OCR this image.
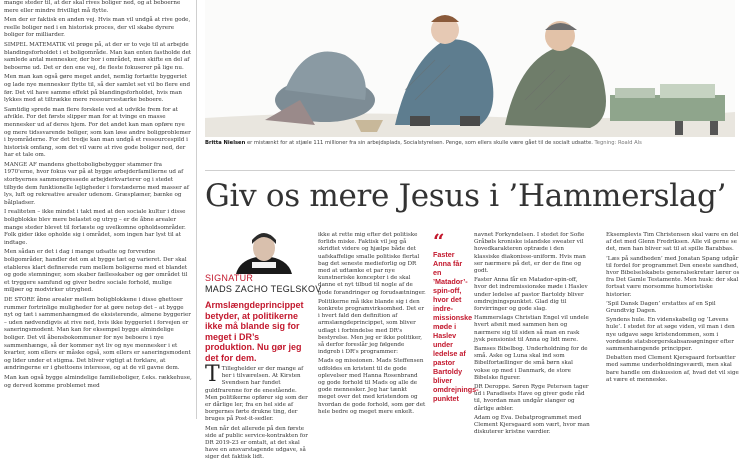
mange steder til, at der skal rives boliger ned, og at beboerne mere eller mindre frivilligt må flytte.

Men der er faktisk en anden vej. Hvis man vil undgå at rive gode, reelle boliger ned i en historisk proces, der vil skabe dyrere boliger for milliarder.

SIMPEL MATEMATIK vil prøge på, at der er to veje til at arbejde blandingsforholdet i et boligområde. Man kan enten fastholde det samlede antal mennesker, der bor i området, men skifte en del af beboerne ud. Det er den ene vej, de fleste fokuserer på lige nu.

Men man kan også gøre meget andet, nemlig fortætte byggeriet og lade nye mennesker flytte til, så der samlet set vil bo flere end før. Det vil have samme effekt på blandingsforholdet, hvis man lykkes med at tiltrække mere ressourcestærke beboere.

Samtidig sprede man flere forskele ved at udvikle frem for at afvikle. For det første slipper man for at tvinge en masse mennesker ud af deres hjem. For det andet kan man opføre nye og mere tidssvarende boliger, som kan løse andre boligproblemer i byområderne. For det tredje kan man undgå et ressourcespild i historisk omfang, som det vil være at rive gode boliger ned, der har et tale om.

MANGE AF mandens ghettoboligbebygger stammer fra 1970'erne, hvor fokus var på at bygge arbejderfamilierne ud af storbyernes sammenpressede arbejderkvarterer og i stedet tilbyde dem funktionelle lejligheder i forstæderne med masser af lys, luft og rekreative arealer udenom. Græsplæner, bænke og bålpladser.

I realiteten – ikke mindst i takt med at den sociale kultur i disse boligblokke blev mere belastet og utryg – er de åbne arealer mange steder blevet til forlæste og uvelkomne opholdsområder. Folk gider ikke opholde sig i området, som ingen har lyst til at indtage.

Men sådan er det i dag i mange udsatte og forvredne boligområder, handler det om at bygge tæt og varieret. Der skal etableres klart definerede rum mellem boligerne med et blandet og gode stemninger, som skaber fællesskaber og gør området til et tryggere samfund og giver bedre sociale forhold, mulige miljøer og modvirker utryghed.

DE STORE åbne arealer mellem boligblokkene i disse ghettoer rummer fortrinlige muligheder for at gøre netop det – at bygge nyt og tæt i sammenhængmed de eksisterende, almene byggerier – uden nødvendigvis at rive ned, hvis ikke byggeriet i forvejen er saneringsmodent. Man kan for eksempel bygge almindelige boliger. Det vil åbensbokommuner for nye beboere i nye sammenhænge, så der kommer nyt liv og nye mennesker i et kvarter, som ellers er måske også, som ellers er saneringsmodent og lider under et stigma. Det bliver vigtigt at forklare, at ændringerne er i ghettoens interesse, og at de vil gavne dem.

Man kan også bygge almindelige familieboliger, f.eks. rækkehuse, og derved komme problemet med

Britta Nielsen er mistænkt for at stjæle 111 millioner fra sin arbejdsplads, Socialstyrelsen. Penge, som ellers skulle være gået til de socialt udsatte. Tegning: Roald Als
Giv os mere Jesus i ’Hammerslag’
SIGNATUR
MADS ZACHO TEGLSKOV
Armslængdeprincippet betyder, at politikerne ikke må blande sig for meget i DR’s produktion. Nu gør jeg det for dem.

T Tilleghelder er der mange af her i tilværelsen. At Kirsten Svendsen har fundet guldfrarenne for de enestående. Men politikerne opfører sig som der er dårlige ler, fra en hel side af borgernes førte drukne ting, der bruges på Post-it-sedler.

Men når det allerede på den første side af public service-kontrakten for DR 2019-23 er omtalt, at det skal have en ansvarstagende udgave, så siger det faktisk lidt.

ikke at rette mig efter det politiske forlids miske. Faktisk vil jeg gå skridtet videre og hjælpe både det uafskaffelige smalle politiske flertal bag det seneste medieforlig og DR med at udtænke et par nye kunstneriske koncepter i de skal danne et nyt tilbud til nogle af de gode forandringer og forudsætninger.

Politikerne må ikke blande sig i den konkrete programvirksomhed. Det er i hvert fald den definition af armslængdeprincippet, som bliver udlagt i forbindelse med DR's bestyrelse. Men jeg er ikke politiker, så derfor foreslår jeg følgende indgreb i DR's programmer:

Mads og missionen. Mads Steffensen udfoldes en kristent til de gode oplevelser med Hanna Rosenbrand og gode forhold til Mads og alle de gode mennesker. Jeg har tænkt meget over det med kristendom og hvordan de gode forhold, som gør det hele bedre og meget mere enkelt.

“
Faster Anna får en ’Matador’-spin-off, hvor det indre-missionske møde i Haslev under ledelse af pastor Bartoldy bliver omdrejnings-punktet

navnet Forkyndelsen. I stedet for Sofie Gråbøls kroniske islandske sweater vil hovedkarakteren optræde i den klassiske diakonisse-uniform. Hvis man ser nærmere på det, er der de fine og godt.

Faster Anna får en Matador-spin-off, hvor det indremissionske møde i Haslev under ledelse af pastor Bartoldy bliver omdrejningspunktet. Glad dig til forvirringer og gode slag.

Hammerslags Christian Engel vil undele hvert afsnit med sammen hen og nærmere sig til siden så man en rask jysk pensionist til Anna og lidt mere.

Bamses Bibelbog. Underholdning for de små. Aske og Luna skal ind som Bibelfortællinger de små børn skal vokse op med i Danmark, de store Bibelske figurer.

DR Deroppe. Søren Ryge Petersen tager ud i Paradisets Have og giver gode råd til, hvordan man undgår slanger og dårlige æbler.

Adam og Eva. Debatprogrammet med Clement Kjersgaard som vært, hvor man diskuterer kristne værdier.

Eksemplevis Tim Christensen skal være en del af det med Glenn Fredriksen. Alle vil gerne se det, men han bliver sat til at spille Barabbas.

’Læs på sandheden’ med Jonatan Spang udgår til fordel for programmet Den eneste sandhed, hvor Bibelselskabets generalsekretær lærer os fra Det Gamle Testamente. Men husk: der skal fortsat være morsomme humoristiske historier.

’Spil Dansk Dagen’ erstattes af en Spil Grundtvig Dagen.

Syndens hule. En videnskabelig og ’Løvens hule’. I stedet for at søge viden, vil man i den nye udgave søge kristendommen, som i vordende statsborgerskabsansøgninger efter sammenhængende principper.

Debatten med Clement Kjersgaard fortsætter med samme underholdningsværdi, men skal bare handle om diskussion af, hvad det vil sige at være et menneske.
